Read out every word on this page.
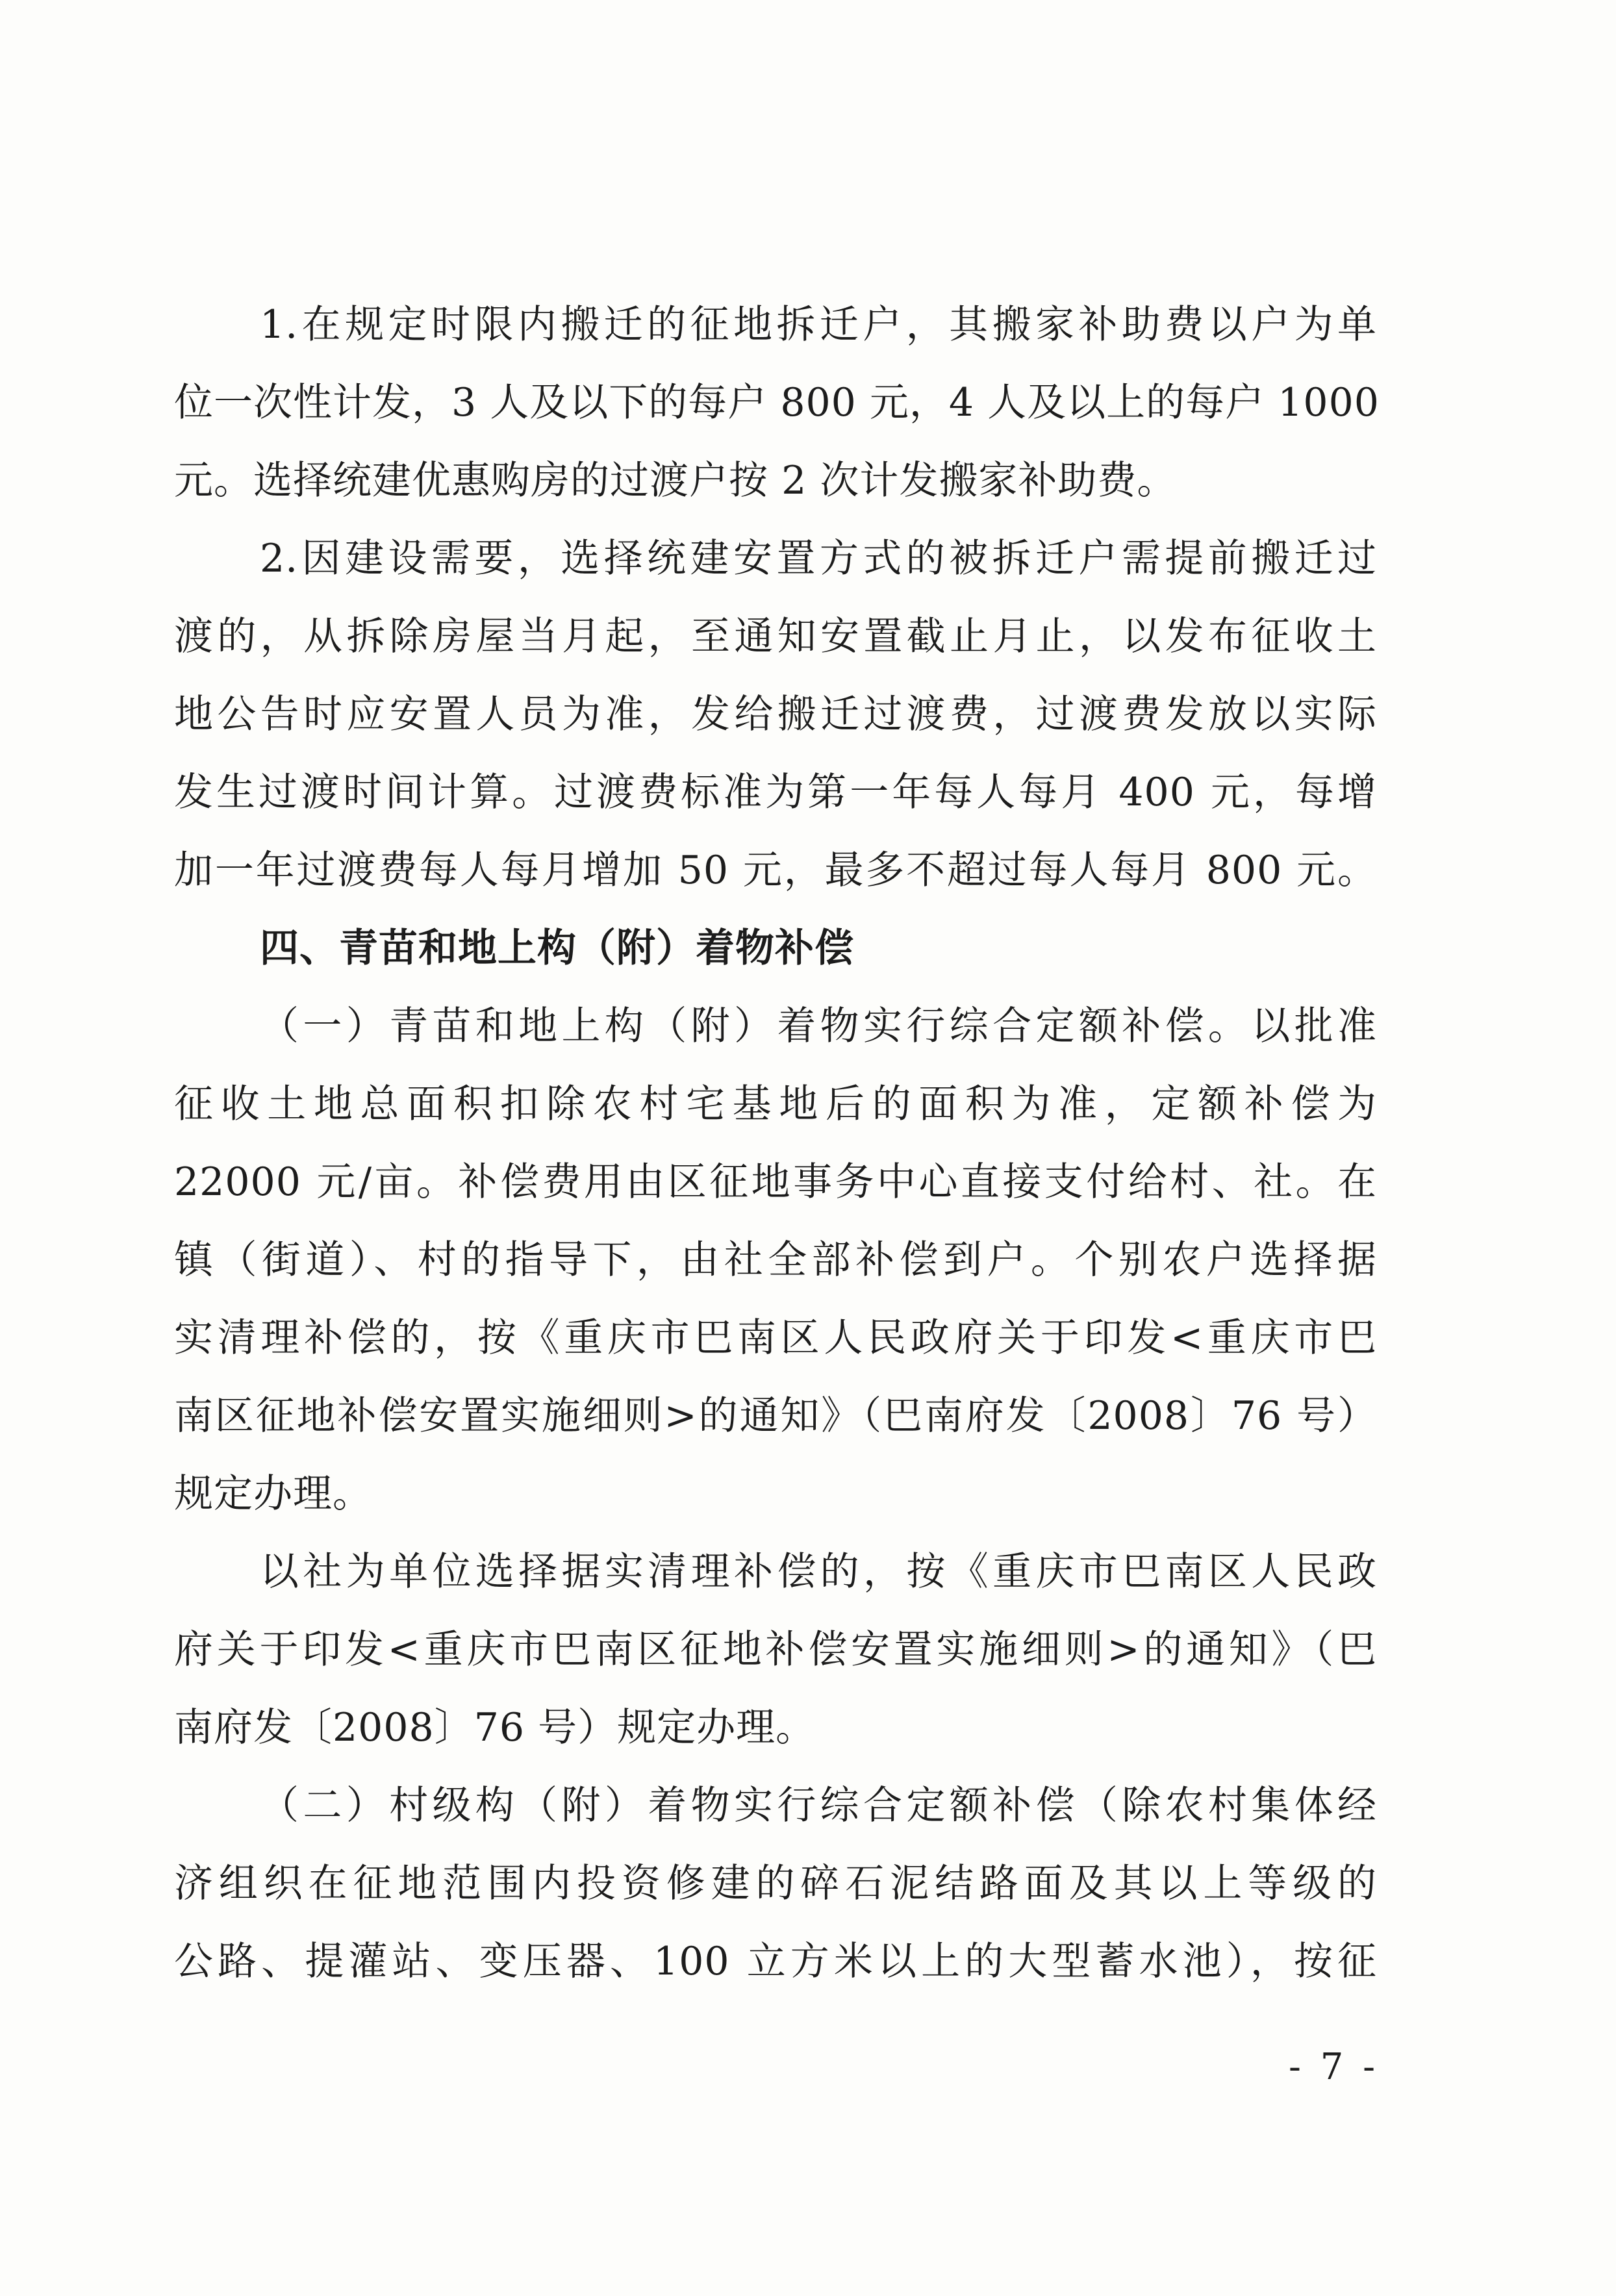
1.在规定时限内搬迁的征地拆迁户，其搬家补助费以户为单
位一次性计发，3 人及以下的每户 800 元，4 人及以上的每户 1000
元。选择统建优惠购房的过渡户按 2 次计发搬家补助费。
2.因建设需要，选择统建安置方式的被拆迁户需提前搬迁过
渡的，从拆除房屋当月起，至通知安置截止月止，以发布征收土
地公告时应安置人员为准，发给搬迁过渡费，过渡费发放以实际
发生过渡时间计算。过渡费标准为第一年每人每月 400 元，每增
加一年过渡费每人每月增加 50 元，最多不超过每人每月 800 元。
四、青苗和地上构（附）着物补偿
（一）青苗和地上构（附）着物实行综合定额补偿。以批准
征收土地总面积扣除农村宅基地后的面积为准，定额补偿为
22000 元/亩。补偿费用由区征地事务中心直接支付给村、社。在
镇（街道）、村的指导下，由社全部补偿到户。个别农户选择据
实清理补偿的，按《重庆市巴南区人民政府关于印发<重庆市巴
南区征地补偿安置实施细则>的通知》（巴南府发〔2008〕76 号）
规定办理。
以社为单位选择据实清理补偿的，按《重庆市巴南区人民政
府关于印发<重庆市巴南区征地补偿安置实施细则>的通知》（巴
南府发〔2008〕76 号）规定办理。
（二）村级构（附）着物实行综合定额补偿（除农村集体经
济组织在征地范围内投资修建的碎石泥结路面及其以上等级的
公路、提灌站、变压器、100 立方米以上的大型蓄水池），按征
- 7 -
